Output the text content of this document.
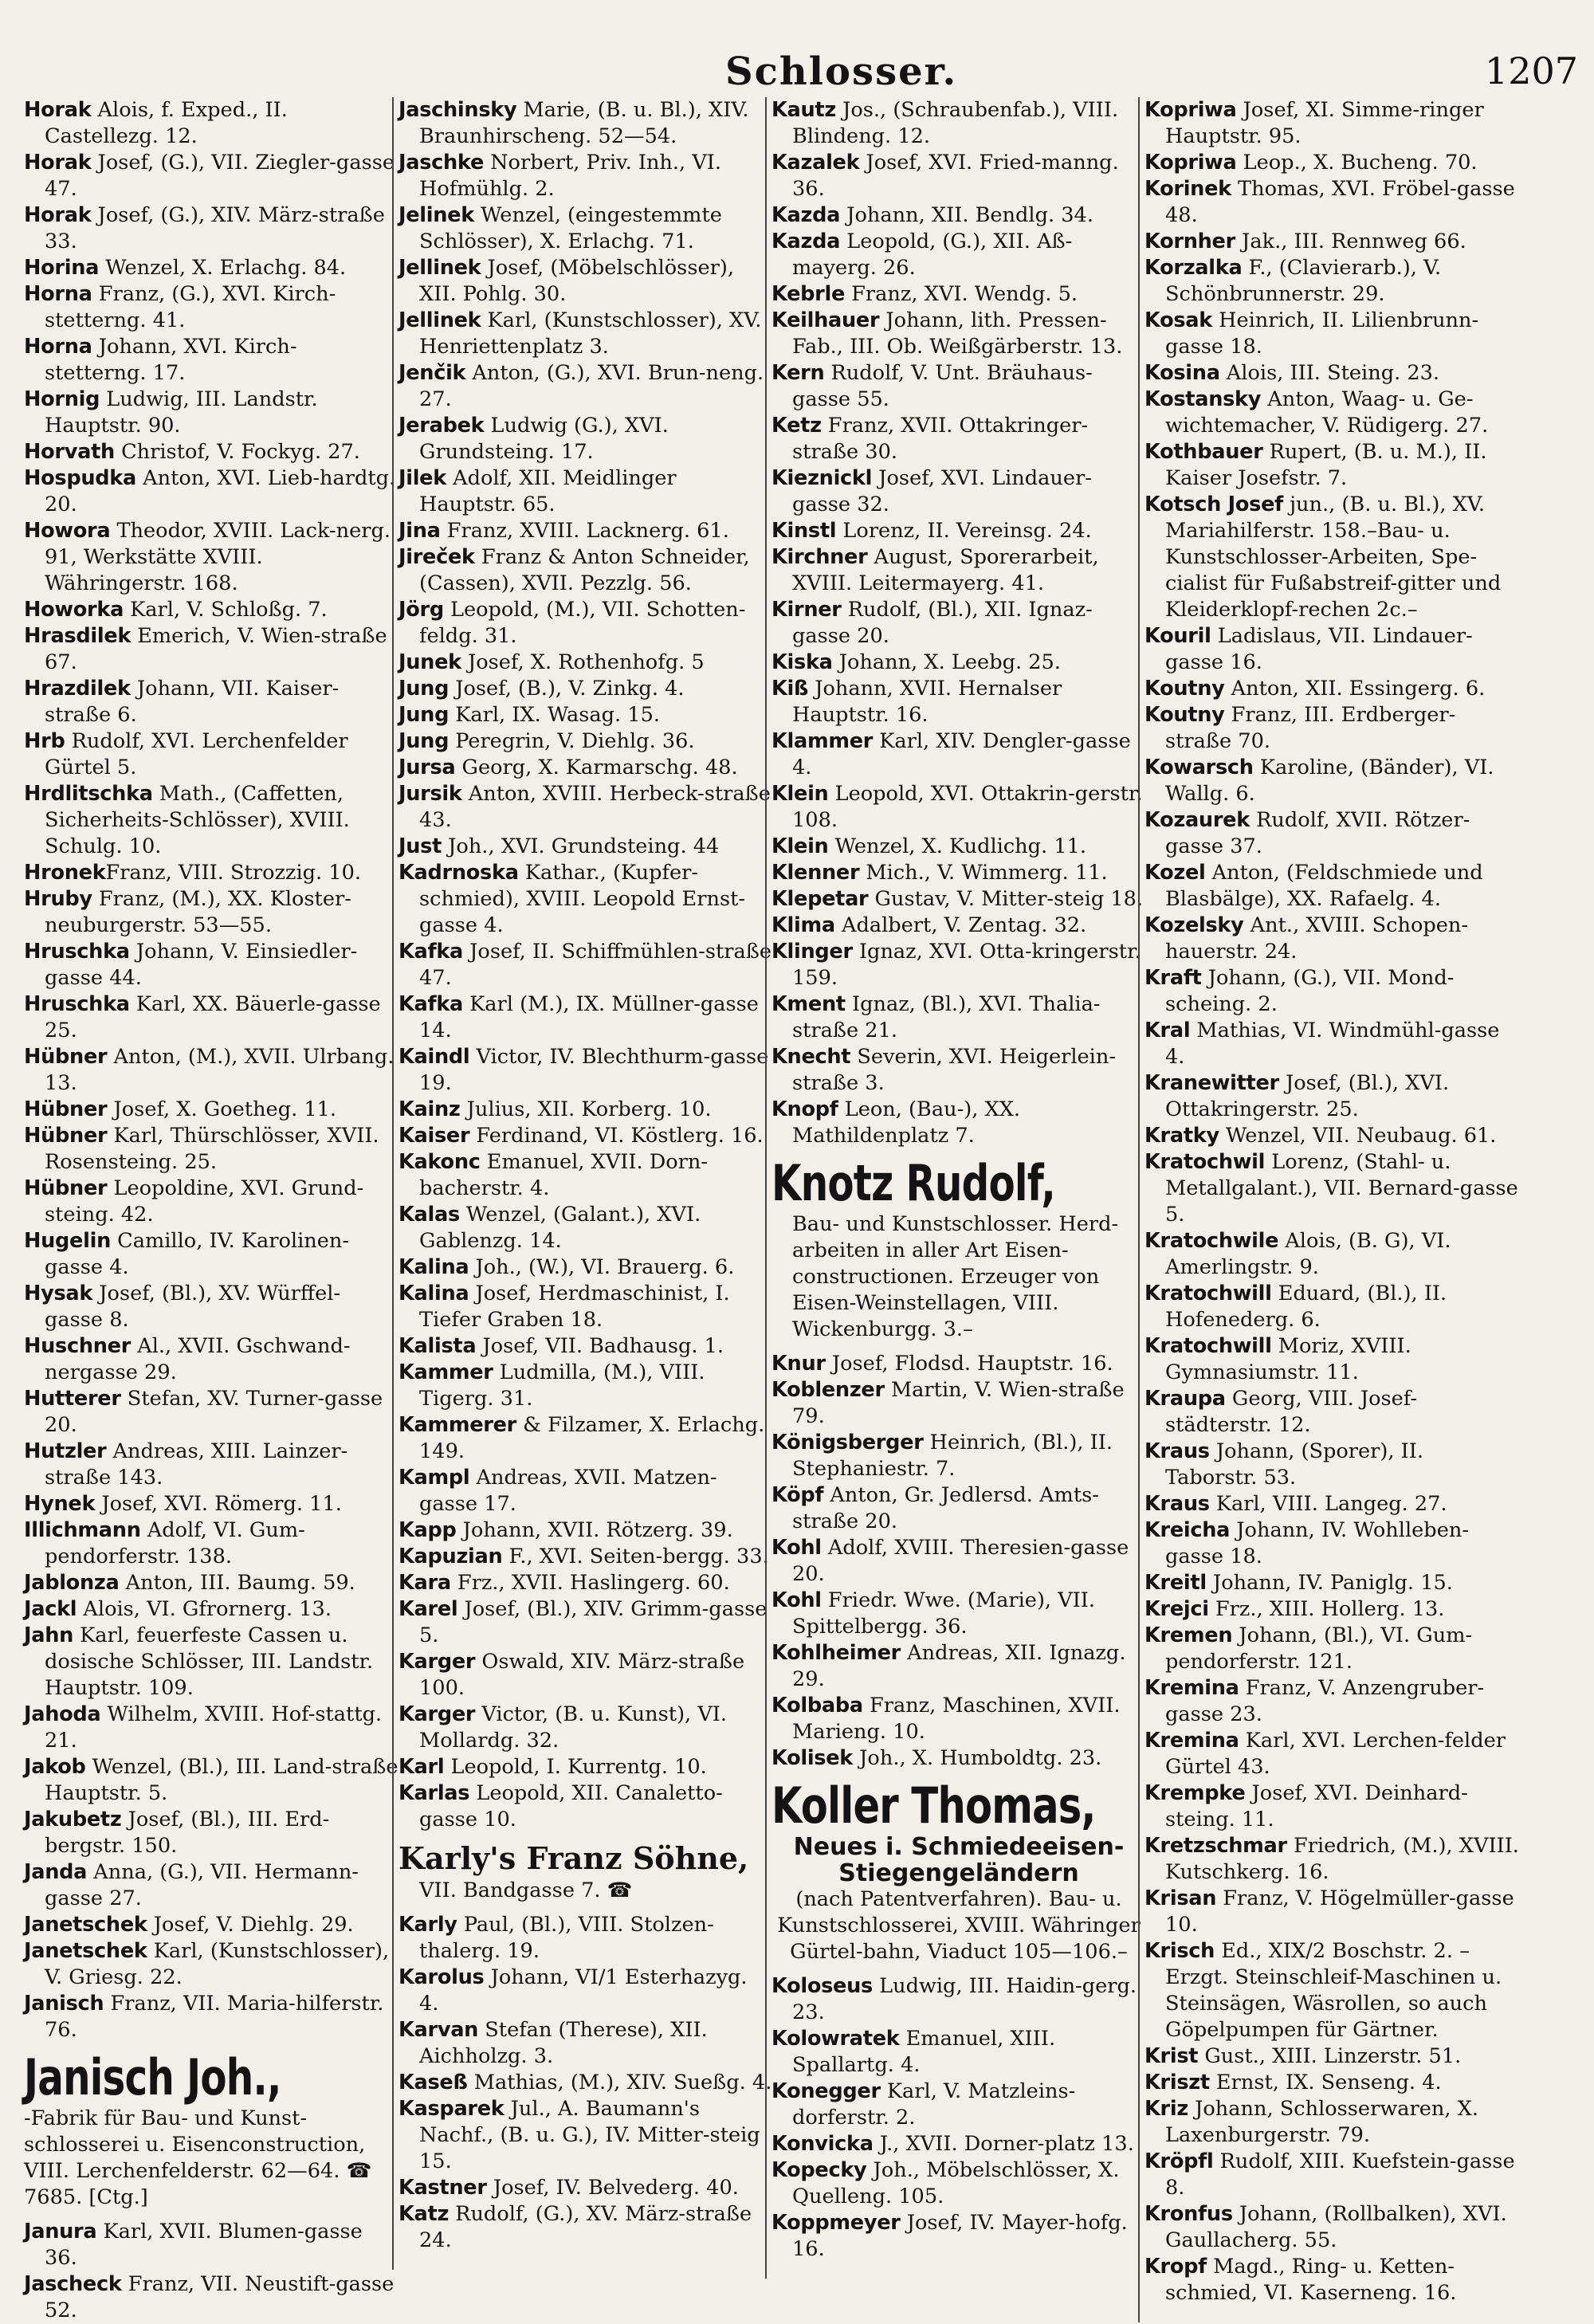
Schlosser.	1207

Horak Alois, f. Exped., II. Castellezg. 12.

Horak Josef, (G.), VII. Ziegler-gasse 47.

Horak Josef, (G.), XIV. März-straße 33.

Horina Wenzel, X. Erlachg. 84.

Horna Franz, (G.), XVI. Kirch-stetterng. 41.

Horna Johann, XVI. Kirch-stetterng. 17.

Hornig Ludwig, III. Landstr. Hauptstr. 90.

Horvath Christof, V. Fockyg. 27.

Hospudka Anton, XVI. Lieb-hardtg. 20.

Howora Theodor, XVIII. Lack-nerg. 91, Werkstätte XVIII. Währingerstr. 168.

Howorka Karl, V. Schloßg. 7.

Hrasdilek Emerich, V. Wien-straße 67.

Hrazdilek Johann, VII. Kaiser-straße 6.

Hrb Rudolf, XVI. Lerchenfelder Gürtel 5.

Hrdlitschka Math., (Caffetten, Sicherheits-Schlösser), XVIII. Schulg. 10.

HronekFranz, VIII. Strozzig. 10.

Hruby Franz, (M.), XX. Kloster-neuburgerstr. 53—55.

Hruschka Johann, V. Einsiedler-gasse 44.

Hruschka Karl, XX. Bäuerle-gasse 25.

Hübner Anton, (M.), XVII. Ulrbang. 13.

Hübner Josef, X. Goetheg. 11.

Hübner Karl, Thürschlösser, XVII. Rosensteing. 25.

Hübner Leopoldine, XVI. Grund-steing. 42.

Hugelin Camillo, IV. Karolinen-gasse 4.

Hysak Josef, (Bl.), XV. Würffel-gasse 8.

Huschner Al., XVII. Gschwand-nergasse 29.

Hutterer Stefan, XV. Turner-gasse 20.

Hutzler Andreas, XIII. Lainzer-straße 143.

Hynek Josef, XVI. Römerg. 11.

Illichmann Adolf, VI. Gum-pendorferstr. 138.

Jablonza Anton, III. Baumg. 59.

Jackl Alois, VI. Gfrornerg. 13.

Jahn Karl, feuerfeste Cassen u. dosische Schlösser, III. Landstr. Hauptstr. 109.

Jahoda Wilhelm, XVIII. Hof-stattg. 21.

Jakob Wenzel, (Bl.), III. Land-straße Hauptstr. 5.

Jakubetz Josef, (Bl.), III. Erd-bergstr. 150.

Janda Anna, (G.), VII. Hermann-gasse 27.

Janetschek Josef, V. Diehlg. 29.

Janetschek Karl, (Kunstschlosser), V. Griesg. 22.

Janisch Franz, VII. Maria-hilferstr. 76.

Janisch Joh.,
-Fabrik für Bau- und Kunst-schlosserei u. Eisenconstruction, VIII. Lerchenfelderstr. 62—64. ☎ 7685. [Ctg.]

Janura Karl, XVII. Blumen-gasse 36.

Jascheck Franz, VII. Neustift-gasse 52.

Jaschinsky Marie, (B. u. Bl.), XIV. Braunhirscheng. 52—54.

Jaschke Norbert, Priv. Inh., VI. Hofmühlg. 2.

Jelinek Wenzel, (eingestemmte Schlösser), X. Erlachg. 71.

Jellinek Josef, (Möbelschlösser), XII. Pohlg. 30.

Jellinek Karl, (Kunstschlosser), XV. Henriettenplatz 3.

Jenčik Anton, (G.), XVI. Brun-neng. 27.

Jerabek Ludwig (G.), XVI. Grundsteing. 17.

Jilek Adolf, XII. Meidlinger Hauptstr. 65.

Jina Franz, XVIII. Lacknerg. 61.

Jireček Franz & Anton Schneider, (Cassen), XVII. Pezzlg. 56.

Jörg Leopold, (M.), VII. Schotten-feldg. 31.

Junek Josef, X. Rothenhofg. 5

Jung Josef, (B.), V. Zinkg. 4.

Jung Karl, IX. Wasag. 15.

Jung Peregrin, V. Diehlg. 36.

Jursa Georg, X. Karmarschg. 48.

Jursik Anton, XVIII. Herbeck-straße 43.

Just Joh., XVI. Grundsteing. 44

Kadrnoska Kathar., (Kupfer-schmied), XVIII. Leopold Ernst-gasse 4.

Kafka Josef, II. Schiffmühlen-straße 47.

Kafka Karl (M.), IX. Müllner-gasse 14.

Kaindl Victor, IV. Blechthurm-gasse 19.

Kainz Julius, XII. Korberg. 10.

Kaiser Ferdinand, VI. Köstlerg. 16.

Kakonc Emanuel, XVII. Dorn-bacherstr. 4.

Kalas Wenzel, (Galant.), XVI. Gablenzg. 14.

Kalina Joh., (W.), VI. Brauerg. 6.

Kalina Josef, Herdmaschinist, I. Tiefer Graben 18.

Kalista Josef, VII. Badhausg. 1.

Kammer Ludmilla, (M.), VIII. Tigerg. 31.

Kammerer & Filzamer, X. Erlachg. 149.

Kampl Andreas, XVII. Matzen-gasse 17.

Kapp Johann, XVII. Rötzerg. 39.

Kapuzian F., XVI. Seiten-bergg. 33.

Kara Frz., XVII. Haslingerg. 60.

Karel Josef, (Bl.), XIV. Grimm-gasse 5.

Karger Oswald, XIV. März-straße 100.

Karger Victor, (B. u. Kunst), VI. Mollardg. 32.

Karl Leopold, I. Kurrentg. 10.

Karlas Leopold, XII. Canaletto-gasse 10.

Karly's Franz Söhne,
VII. Bandgasse 7. ☎

Karly Paul, (Bl.), VIII. Stolzen-thalerg. 19.

Karolus Johann, VI/1 Esterhazyg. 4.

Karvan Stefan (Therese), XII. Aichholzg. 3.

Kaseß Mathias, (M.), XIV. Sueßg. 4.

Kasparek Jul., A. Baumann's Nachf., (B. u. G.), IV. Mitter-steig 15.

Kastner Josef, IV. Belvederg. 40.

Katz Rudolf, (G.), XV. März-straße 24.

Kautz Jos., (Schraubenfab.), VIII. Blindeng. 12.

Kazalek Josef, XVI. Fried-manng. 36.

Kazda Johann, XII. Bendlg. 34.

Kazda Leopold, (G.), XII. Aß-mayerg. 26.

Kebrle Franz, XVI. Wendg. 5.

Keilhauer Johann, lith. Pressen-Fab., III. Ob. Weißgärberstr. 13.

Kern Rudolf, V. Unt. Bräuhaus-gasse 55.

Ketz Franz, XVII. Ottakringer-straße 30.

Kieznickl Josef, XVI. Lindauer-gasse 32.

Kinstl Lorenz, II. Vereinsg. 24.

Kirchner August, Sporerarbeit, XVIII. Leitermayerg. 41.

Kirner Rudolf, (Bl.), XII. Ignaz-gasse 20.

Kiska Johann, X. Leebg. 25.

Kiß Johann, XVII. Hernalser Hauptstr. 16.

Klammer Karl, XIV. Dengler-gasse 4.

Klein Leopold, XVI. Ottakrin-gerstr. 108.

Klein Wenzel, X. Kudlichg. 11.

Klenner Mich., V. Wimmerg. 11.

Klepetar Gustav, V. Mitter-steig 18.

Klima Adalbert, V. Zentag. 32.

Klinger Ignaz, XVI. Otta-kringerstr. 159.

Kment Ignaz, (Bl.), XVI. Thalia-straße 21.

Knecht Severin, XVI. Heigerlein-straße 3.

Knopf Leon, (Bau-), XX. Mathildenplatz 7.

Knotz Rudolf,
Bau- und Kunstschlosser. Herd-arbeiten in aller Art Eisen-constructionen. Erzeuger von Eisen-Weinstellagen, VIII. Wickenburgg. 3.–

Knur Josef, Flodsd. Hauptstr. 16.

Koblenzer Martin, V. Wien-straße 79.

Königsberger Heinrich, (Bl.), II. Stephaniestr. 7.

Köpf Anton, Gr. Jedlersd. Amts-straße 20.

Kohl Adolf, XVIII. Theresien-gasse 20.

Kohl Friedr. Wwe. (Marie), VII. Spittelbergg. 36.

Kohlheimer Andreas, XII. Ignazg. 29.

Kolbaba Franz, Maschinen, XVII. Marieng. 10.

Kolisek Joh., X. Humboldtg. 23.

Koller Thomas,
Neues i. Schmiedeeisen-Stiegengeländern
(nach Patentverfahren). Bau- u. Kunstschlosserei, XVIII. Währinger Gürtel-bahn, Viaduct 105—106.–

Koloseus Ludwig, III. Haidin-gerg. 23.

Kolowratek Emanuel, XIII. Spallartg. 4.

Konegger Karl, V. Matzleins-dorferstr. 2.

Konvicka J., XVII. Dorner-platz 13.

Kopecky Joh., Möbelschlösser, X. Quelleng. 105.

Koppmeyer Josef, IV. Mayer-hofg. 16.

Kopriwa Josef, XI. Simme-ringer Hauptstr. 95.

Kopriwa Leop., X. Bucheng. 70.

Korinek Thomas, XVI. Fröbel-gasse 48.

Kornher Jak., III. Rennweg 66.

Korzalka F., (Clavierarb.), V. Schönbrunnerstr. 29.

Kosak Heinrich, II. Lilienbrunn-gasse 18.

Kosina Alois, III. Steing. 23.

Kostansky Anton, Waag- u. Ge-wichtemacher, V. Rüdigerg. 27.

Kothbauer Rupert, (B. u. M.), II. Kaiser Josefstr. 7.

Kotsch Josef jun., (B. u. Bl.), XV. Mariahilferstr. 158.–Bau- u. Kunstschlosser-Arbeiten, Spe-cialist für Fußabstreif-gitter und Kleiderklopf-rechen 2c.–

Kouril Ladislaus, VII. Lindauer-gasse 16.

Koutny Anton, XII. Essingerg. 6.

Koutny Franz, III. Erdberger-straße 70.

Kowarsch Karoline, (Bänder), VI. Wallg. 6.

Kozaurek Rudolf, XVII. Rötzer-gasse 37.

Kozel Anton, (Feldschmiede und Blasbälge), XX. Rafaelg. 4.

Kozelsky Ant., XVIII. Schopen-hauerstr. 24.

Kraft Johann, (G.), VII. Mond-scheing. 2.

Kral Mathias, VI. Windmühl-gasse 4.

Kranewitter Josef, (Bl.), XVI. Ottakringerstr. 25.

Kratky Wenzel, VII. Neubaug. 61.

Kratochwil Lorenz, (Stahl- u. Metallgalant.), VII. Bernard-gasse 5.

Kratochwile Alois, (B. G), VI. Amerlingstr. 9.

Kratochwill Eduard, (Bl.), II. Hofenederg. 6.

Kratochwill Moriz, XVIII. Gymnasiumstr. 11.

Kraupa Georg, VIII. Josef-städterstr. 12.

Kraus Johann, (Sporer), II. Taborstr. 53.

Kraus Karl, VIII. Langeg. 27.

Kreicha Johann, IV. Wohlleben-gasse 18.

Kreitl Johann, IV. Paniglg. 15.

Krejci Frz., XIII. Hollerg. 13.

Kremen Johann, (Bl.), VI. Gum-pendorferstr. 121.

Kremina Franz, V. Anzengruber-gasse 23.

Kremina Karl, XVI. Lerchen-felder Gürtel 43.

Krempke Josef, XVI. Deinhard-steing. 11.

Kretzschmar Friedrich, (M.), XVIII. Kutschkerg. 16.

Krisan Franz, V. Högelmüller-gasse 10.

Krisch Ed., XIX/2 Boschstr. 2. –Erzgt. Steinschleif-Maschinen u. Steinsägen, Wäsrollen, so auch Göpelpumpen für Gärtner.

Krist Gust., XIII. Linzerstr. 51.

Kriszt Ernst, IX. Senseng. 4.

Kriz Johann, Schlosserwaren, X. Laxenburgerstr. 79.

Kröpfl Rudolf, XIII. Kuefstein-gasse 8.

Kronfus Johann, (Rollbalken), XVI. Gaullacherg. 55.

Kropf Magd., Ring- u. Ketten-schmied, VI. Kaserneng. 16.
